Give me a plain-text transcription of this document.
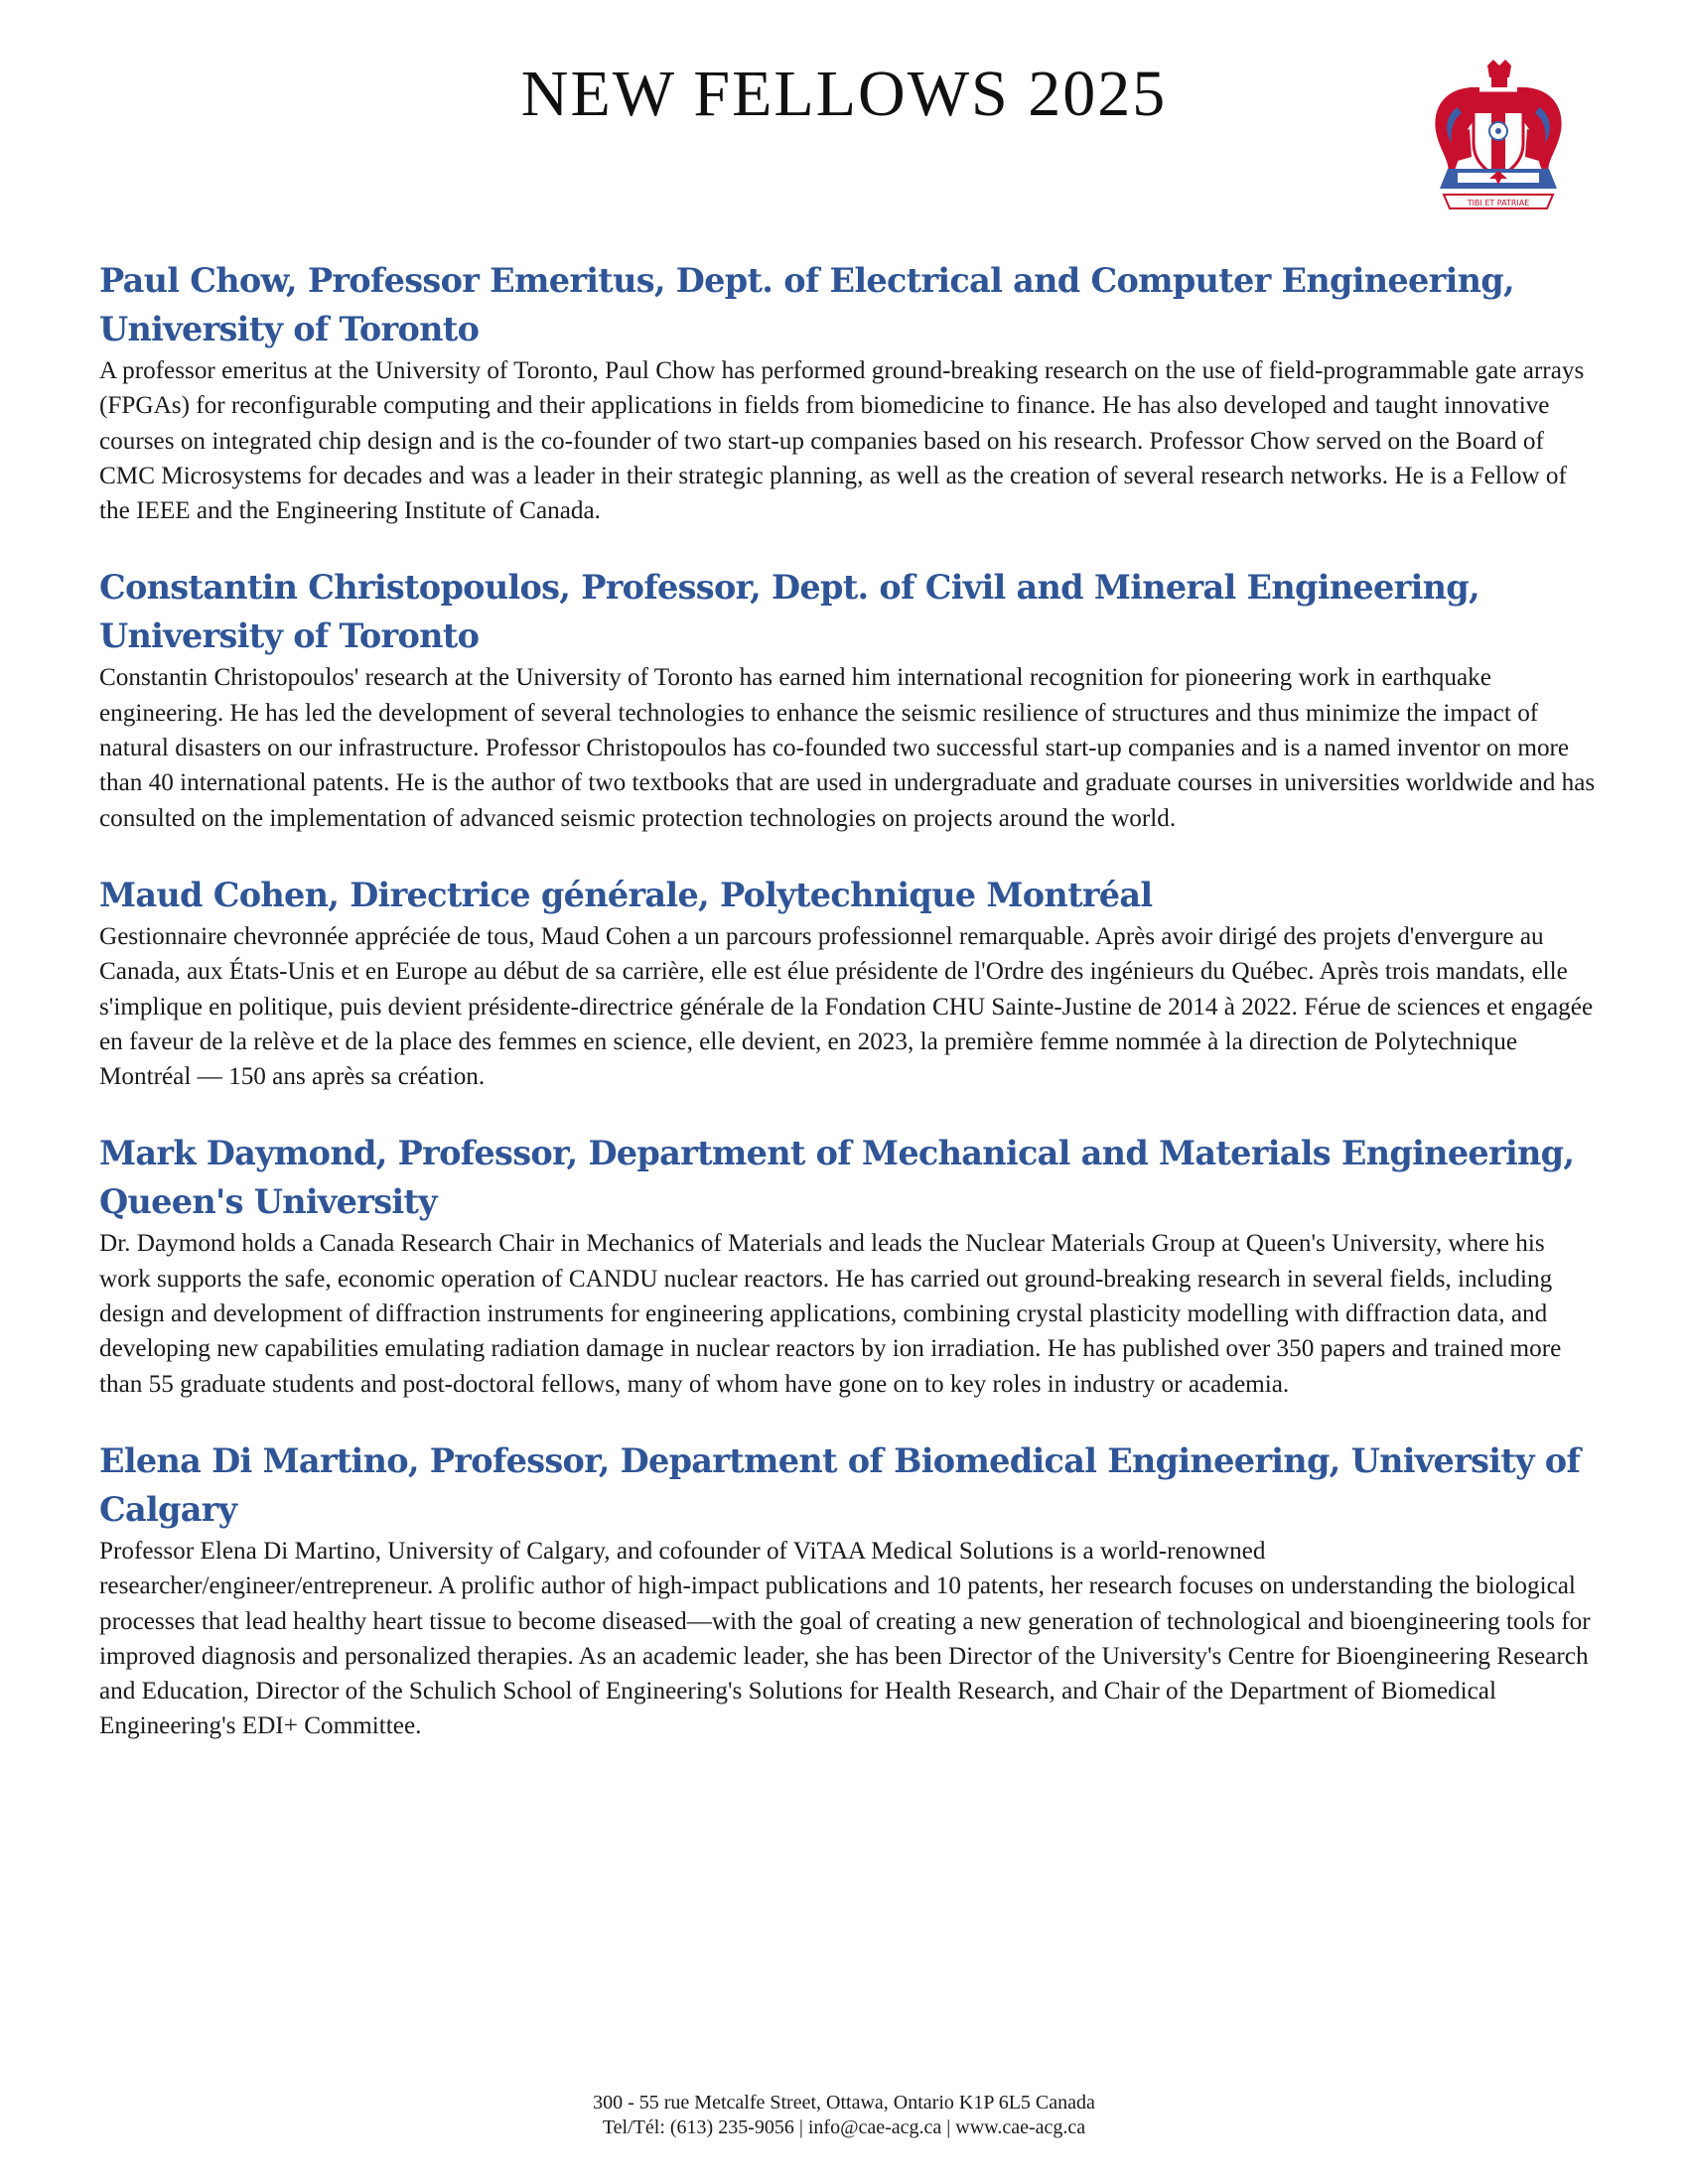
NEW FELLOWS 2025
TIBI ET PATRIAE
Paul Chow, Professor Emeritus, Dept. of Electrical and Computer Engineering, University of Toronto

A professor emeritus at the University of Toronto, Paul Chow has performed ground-breaking research on the use of field-programmable gate arrays (FPGAs) for reconfigurable computing and their applications in fields from biomedicine to finance. He has also developed and taught innovative courses on integrated chip design and is the co-founder of two start-up companies based on his research. Professor Chow served on the Board of CMC Microsystems for decades and was a leader in their strategic planning, as well as the creation of several research networks. He is a Fellow of the IEEE and the Engineering Institute of Canada.

Constantin Christopoulos, Professor, Dept. of Civil and Mineral Engineering, University of Toronto

Constantin Christopoulos' research at the University of Toronto has earned him international recognition for pioneering work in earthquake engineering. He has led the development of several technologies to enhance the seismic resilience of structures and thus minimize the impact of natural disasters on our infrastructure. Professor Christopoulos has co-founded two successful start-up companies and is a named inventor on more than 40 international patents. He is the author of two textbooks that are used in undergraduate and graduate courses in universities worldwide and has consulted on the implementation of advanced seismic protection technologies on projects around the world.

Maud Cohen, Directrice générale, Polytechnique Montréal

Gestionnaire chevronnée appréciée de tous, Maud Cohen a un parcours professionnel remarquable. Après avoir dirigé des projets d'envergure au Canada, aux États-Unis et en Europe au début de sa carrière, elle est élue présidente de l'Ordre des ingénieurs du Québec. Après trois mandats, elle s'implique en politique, puis devient présidente-directrice générale de la Fondation CHU Sainte-Justine de 2014 à 2022. Férue de sciences et engagée en faveur de la relève et de la place des femmes en science, elle devient, en 2023, la première femme nommée à la direction de Polytechnique Montréal — 150 ans après sa création.

Mark Daymond, Professor, Department of Mechanical and Materials Engineering, Queen's University

Dr. Daymond holds a Canada Research Chair in Mechanics of Materials and leads the Nuclear Materials Group at Queen's University, where his work supports the safe, economic operation of CANDU nuclear reactors. He has carried out ground-breaking research in several fields, including design and development of diffraction instruments for engineering applications, combining crystal plasticity modelling with diffraction data, and developing new capabilities emulating radiation damage in nuclear reactors by ion irradiation. He has published over 350 papers and trained more than 55 graduate students and post-doctoral fellows, many of whom have gone on to key roles in industry or academia.

Elena Di Martino, Professor, Department of Biomedical Engineering, University of Calgary

Professor Elena Di Martino, University of Calgary, and cofounder of ViTAA Medical Solutions is a world-renowned researcher/engineer/entrepreneur. A prolific author of high-impact publications and 10 patents, her research focuses on understanding the biological processes that lead healthy heart tissue to become diseased—with the goal of creating a new generation of technological and bioengineering tools for improved diagnosis and personalized therapies. As an academic leader, she has been Director of the University's Centre for Bioengineering Research and Education, Director of the Schulich School of Engineering's Solutions for Health Research, and Chair of the Department of Biomedical Engineering's EDI+ Committee.

300 - 55 rue Metcalfe Street, Ottawa, Ontario K1P 6L5 Canada
Tel/Tél: (613) 235-9056 | info@cae-acg.ca | www.cae-acg.ca
